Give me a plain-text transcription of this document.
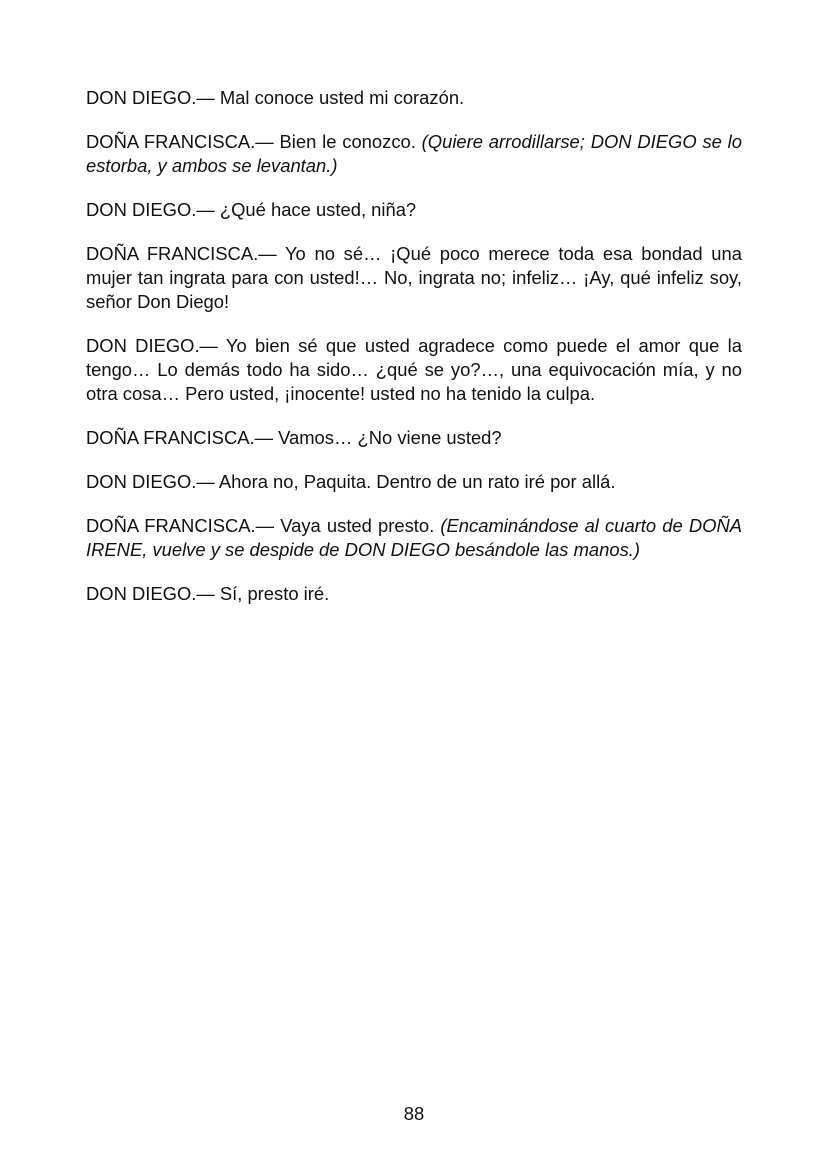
DON DIEGO.— Mal conoce usted mi corazón.

DOÑA FRANCISCA.— Bien le conozco. (Quiere arrodillarse; DON DIEGO se lo estorba, y ambos se levantan.)

DON DIEGO.— ¿Qué hace usted, niña?

DOÑA FRANCISCA.— Yo no sé… ¡Qué poco merece toda esa bondad una mujer tan ingrata para con usted!… No, ingrata no; infeliz… ¡Ay, qué infeliz soy, señor Don Diego!

DON DIEGO.— Yo bien sé que usted agradece como puede el amor que la tengo… Lo demás todo ha sido… ¿qué se yo?…, una equivocación mía, y no otra cosa… Pero usted, ¡inocente! usted no ha tenido la culpa.

DOÑA FRANCISCA.— Vamos… ¿No viene usted?

DON DIEGO.— Ahora no, Paquita. Dentro de un rato iré por allá.

DOÑA FRANCISCA.— Vaya usted presto. (Encaminándose al cuarto de DOÑA IRENE, vuelve y se despide de DON DIEGO besándole las manos.)

DON DIEGO.— Sí, presto iré.

88
